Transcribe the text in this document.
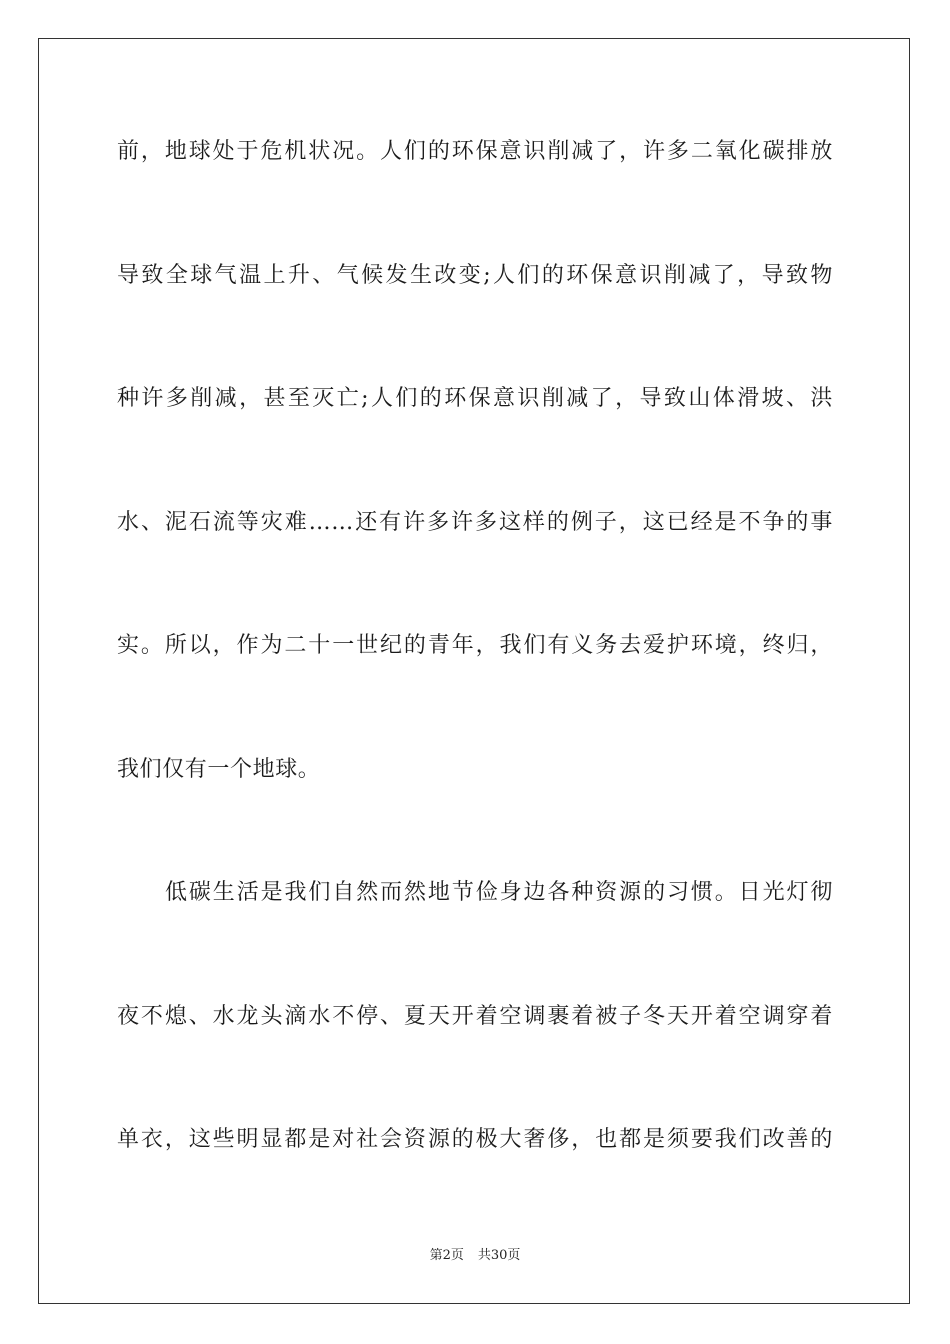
前，地球处于危机状况。人们的环保意识削减了，许多二氧化碳排放
导致全球气温上升、气候发生改变;人们的环保意识削减了，导致物
种许多削减，甚至灭亡;人们的环保意识削减了，导致山体滑坡、洪
水、泥石流等灾难……还有许多许多这样的例子，这已经是不争的事
实。所以，作为二十一世纪的青年，我们有义务去爱护环境，终归，
我们仅有一个地球。
低碳生活是我们自然而然地节俭身边各种资源的习惯。日光灯彻
夜不熄、水龙头滴水不停、夏天开着空调裹着被子冬天开着空调穿着
单衣，这些明显都是对社会资源的极大奢侈，也都是须要我们改善的
第2页 共30页
